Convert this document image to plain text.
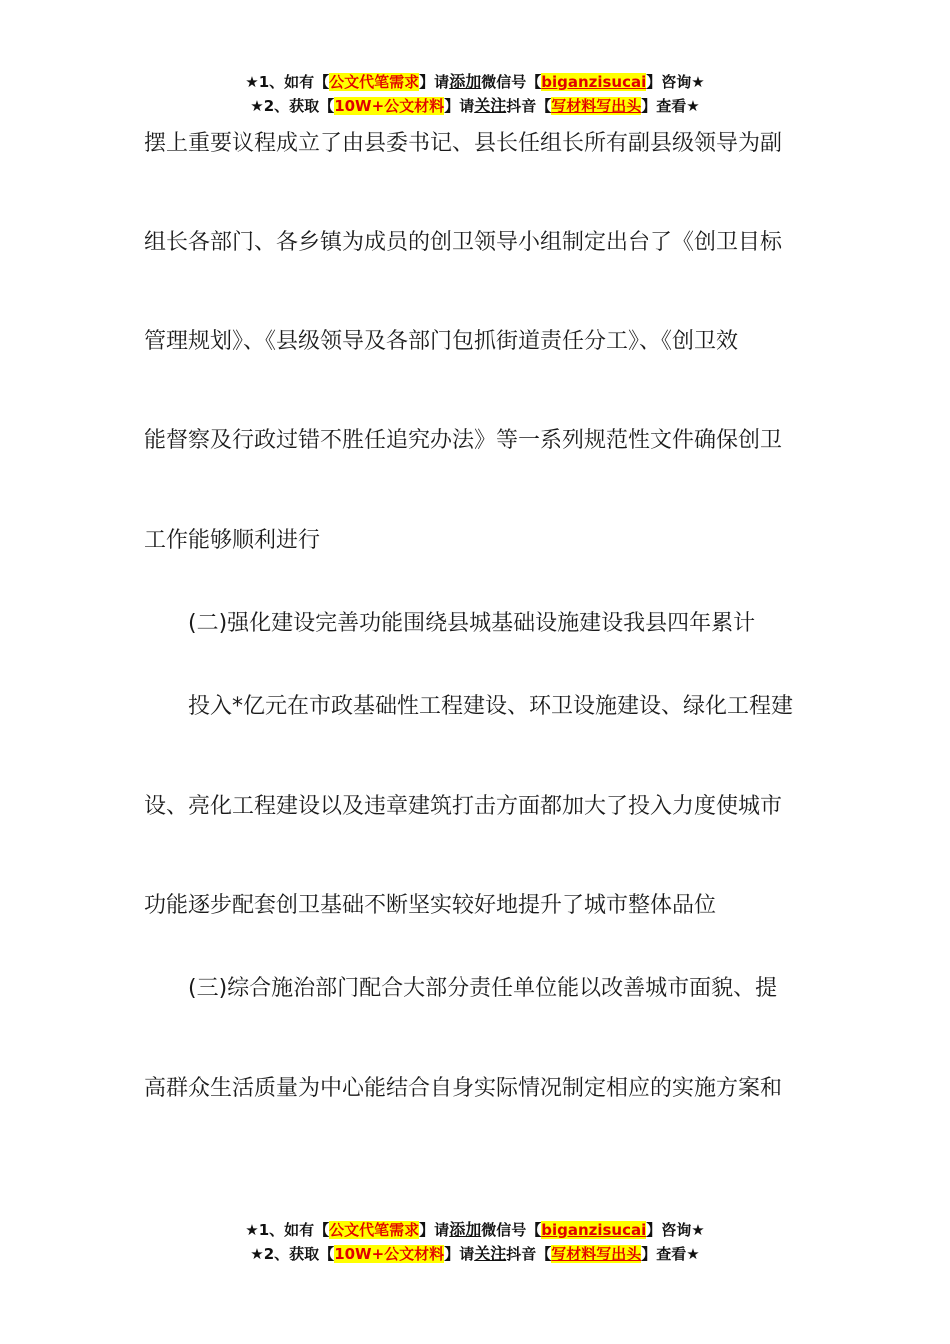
★1、如有【公文代笔需求】请添加微信号【biganzisucai】咨询★
★2、获取【10W+公文材料】请关注抖音【写材料写出头】查看★
摆上重要议程成立了由县委书记、县长任组长所有副县级领导为副
组长各部门、各乡镇为成员的创卫领导小组制定出台了《创卫目标
管理规划》、《县级领导及各部门包抓街道责任分工》、《创卫效
能督察及行政过错不胜任追究办法》等一系列规范性文件确保创卫
工作能够顺利进行
(二)强化建设完善功能围绕县城基础设施建设我县四年累计
投入*亿元在市政基础性工程建设、环卫设施建设、绿化工程建
设、亮化工程建设以及违章建筑打击方面都加大了投入力度使城市
功能逐步配套创卫基础不断坚实较好地提升了城市整体品位
(三)综合施治部门配合大部分责任单位能以改善城市面貌、提
高群众生活质量为中心能结合自身实际情况制定相应的实施方案和
★1、如有【公文代笔需求】请添加微信号【biganzisucai】咨询★
★2、获取【10W+公文材料】请关注抖音【写材料写出头】查看★
